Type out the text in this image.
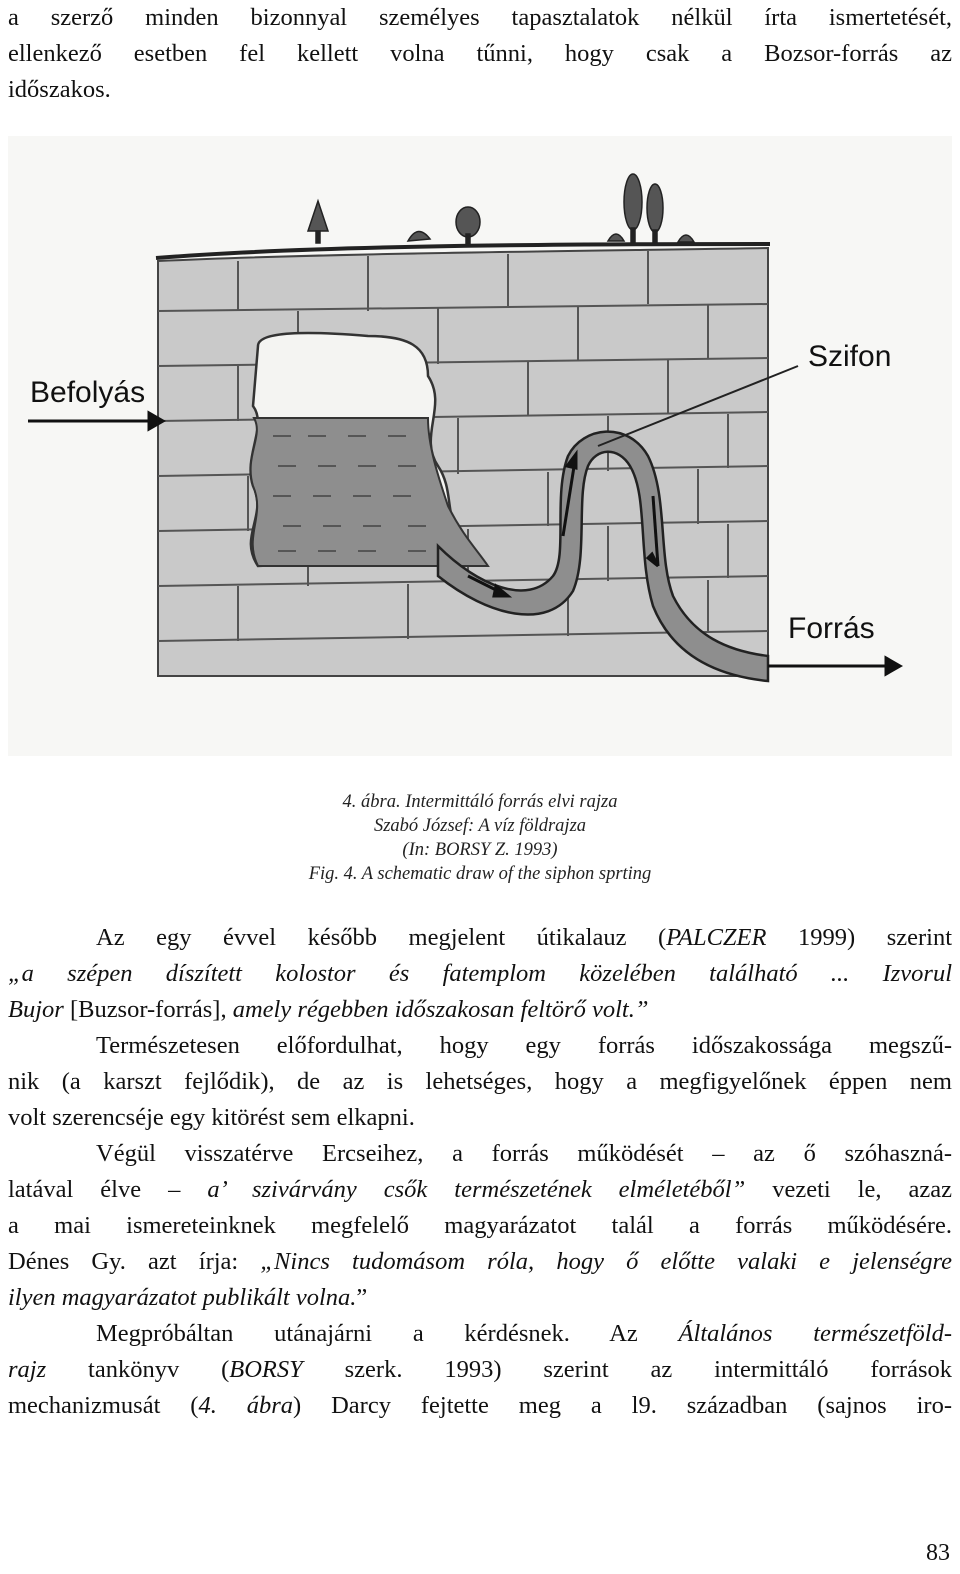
a szerző minden bizonnyal személyes tapasztalatok nélkül írta ismertetését,
ellenkező esetben fel kellett volna tűnni, hogy csak a Bozsor-forrás az
időszakos.

Befolyás
Szifon
Forrás
4. ábra. Intermittáló forrás elvi rajza
Szabó József: A víz földrajza
(In: BORSY Z. 1993)
Fig. 4. A schematic draw of the siphon sprting
Az egy évvel később megjelent útikalauz (PALCZER 1999) szerint
„a szépen díszített kolostor és fatemplom közelében található ... Izvorul
Bujor [Buzsor-forrás], amely régebben időszakosan feltörő volt.”
Természetesen előfordulhat, hogy egy forrás időszakossága megszű-
nik (a karszt fejlődik), de az is lehetséges, hogy a megfigyelőnek éppen nem
volt szerencséje egy kitörést sem elkapni.
Végül visszatérve Ercseihez, a forrás működését – az ő szóhaszná-
latával élve – a’ szivárvány csők természetének elméletéből” vezeti le, azaz
a mai ismereteinknek megfelelő magyarázatot talál a forrás működésére.
Dénes Gy. azt írja: „Nincs tudomásom róla, hogy ő előtte valaki e jelenségre
ilyen magyarázatot publikált volna.”
Megpróbáltan utánajárni a kérdésnek. Az Általános természetföld-
rajz tankönyv (BORSY szerk. 1993) szerint az intermittáló források
mechanizmusát (4. ábra) Darcy fejtette meg a l9. században (sajnos iro-
83
